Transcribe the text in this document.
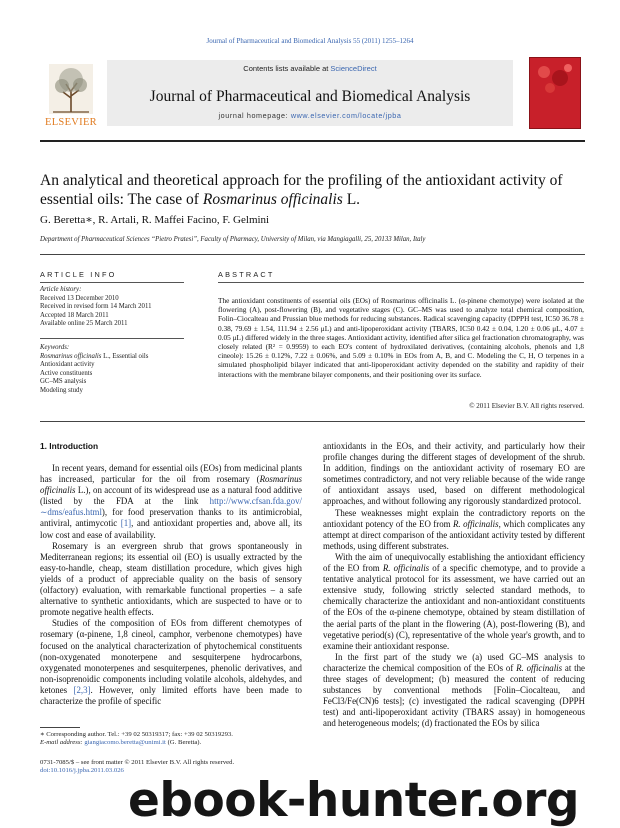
Journal of Pharmaceutical and Biomedical Analysis 55 (2011) 1255–1264
ELSEVIER
Contents lists available at ScienceDirect
Journal of Pharmaceutical and Biomedical Analysis
journal homepage: www.elsevier.com/locate/jpba
An analytical and theoretical approach for the profiling of the antioxidant activity of essential oils: The case of Rosmarinus officinalis L.
G. Beretta∗, R. Artali, R. Maffei Facino, F. Gelmini
Department of Pharmaceutical Sciences “Pietro Pratesi”, Faculty of Pharmacy, University of Milan, via Mangiagalli, 25, 20133 Milan, Italy
ARTICLE INFO
Article history:
Received 13 December 2010
Received in revised form 14 March 2011
Accepted 18 March 2011
Available online 25 March 2011
Keywords:
Rosmarinus officinalis L., Essential oils
Antioxidant activity
Active constituents
GC–MS analysis
Modeling study
ABSTRACT
The antioxidant constituents of essential oils (EOs) of Rosmarinus officinalis L. (α-pinene chemotype) were isolated at the flowering (A), post-flowering (B), and vegetative stages (C). GC–MS was used to analyze total chemical composition, Folin–Ciocalteau and Prussian blue methods for reducing substances. Radical scavenging capacity (DPPH test, IC50 36.78 ± 0.38, 79.69 ± 1.54, 111.94 ± 2.56 μL) and anti-lipoperoxidant activity (TBARS, IC50 0.42 ± 0.04, 1.20 ± 0.06 μL, 4.07 ± 0.05 μL) differed widely in the three stages. Antioxidant activity, identified after silica gel fractionation chromatography, was closely related (R² = 0.9959) to each EO's content of hydroxilated derivatives, (containing alcohols, phenols and 1,8 cineole): 15.26 ± 0.12%, 7.22 ± 0.06%, and 5.09 ± 0.10% in EOs from A, B, and C. Modeling the C, H, O terpenes in a simulated phospholipid bilayer indicated that anti-lipoperoxidant activity depended on the stability and rapidity of their interactions with the membrane bilayer components, and their positioning over its surface.
© 2011 Elsevier B.V. All rights reserved.
1. Introduction

In recent years, demand for essential oils (EOs) from medicinal plants has increased, particular for the oil from rosemary (Rosmarinus officinalis L.), on account of its widespread use as a natural food additive (listed by the FDA at the link http://www.cfsan.fda.gov/∼dms/eafus.html), for food preservation thanks to its antimicrobial, antiviral, antimycotic [1], and antioxidant properties and, above all, its low cost and ease of availability.

Rosemary is an evergreen shrub that grows spontaneously in Mediterranean regions; its essential oil (EO) is usually extracted by the easy-to-handle, cheap, steam distillation procedure, which gives high yields of a product of appreciable quality on the basis of sensory (olfactory) evaluation, with remarkable functional properties – a safe alternative to synthetic antioxidants, which are suspected to have or to promote negative health effects.

Studies of the composition of EOs from different chemotypes of rosemary (α-pinene, 1,8 cineol, camphor, verbenone chemotypes) have focused on the analytical characterization of phytochemical constituents (non-oxygenated monoterpene and sesquiterpene hydrocarbons, oxygenated monoterpenes and sesquiterpenes, phenolic derivatives, and non-isoprenoidic components including volatile alcohols, aldehydes, and ketones [2,3]. However, only limited efforts have been made to characterize the profile of specific

antioxidants in the EOs, and their activity, and particularly how their profile changes during the different stages of development of the shrub. In addition, findings on the antioxidant activity of rosemary EO are sometimes contradictory, and not very reliable because of the wide range of antioxidant assays used, based on different methodological approaches, and without following any rigorously standardized protocol.

These weaknesses might explain the contradictory reports on the antioxidant potency of the EO from R. officinalis, which complicates any attempt at direct comparison of the antioxidant activity tested by different methods, using different substrates.

With the aim of unequivocally establishing the antioxidant efficiency of the EO from R. officinalis of a specific chemotype, and to provide a tentative analytical protocol for its assessment, we have carried out an extensive study, following strictly selected standard methods, to chemically characterize the antioxidant and non-antioxidant constituents of the EOs of the α-pinene chemotype, obtained by steam distillation of the aerial parts of the plant in the flowering (A), post-flowering (B), and vegetative period(s) (C), representative of the whole year's growth, and to examine their antioxidant response.

In the first part of the study we (a) used GC–MS analysis to characterize the chemical composition of the EOs of R. officinalis at the three stages of development; (b) measured the content of reducing substances by conventional methods [Folin–Ciocalteau, and FeCl3/Fe(CN)6 tests]; (c) investigated the radical scavenging (DPPH test) and anti-lipoperoxidant activity (TBARS assay) in homogeneous and heterogeneous models; (d) fractionated the EOs by silica

∗ Corresponding author. Tel.: +39 02 50319317; fax: +39 02 50319293.
E-mail address: giangiacomo.beretta@unimi.it (G. Beretta).
0731-7085/$ – see front matter © 2011 Elsevier B.V. All rights reserved.
doi:10.1016/j.jpba.2011.03.026
ebook-hunter.org
